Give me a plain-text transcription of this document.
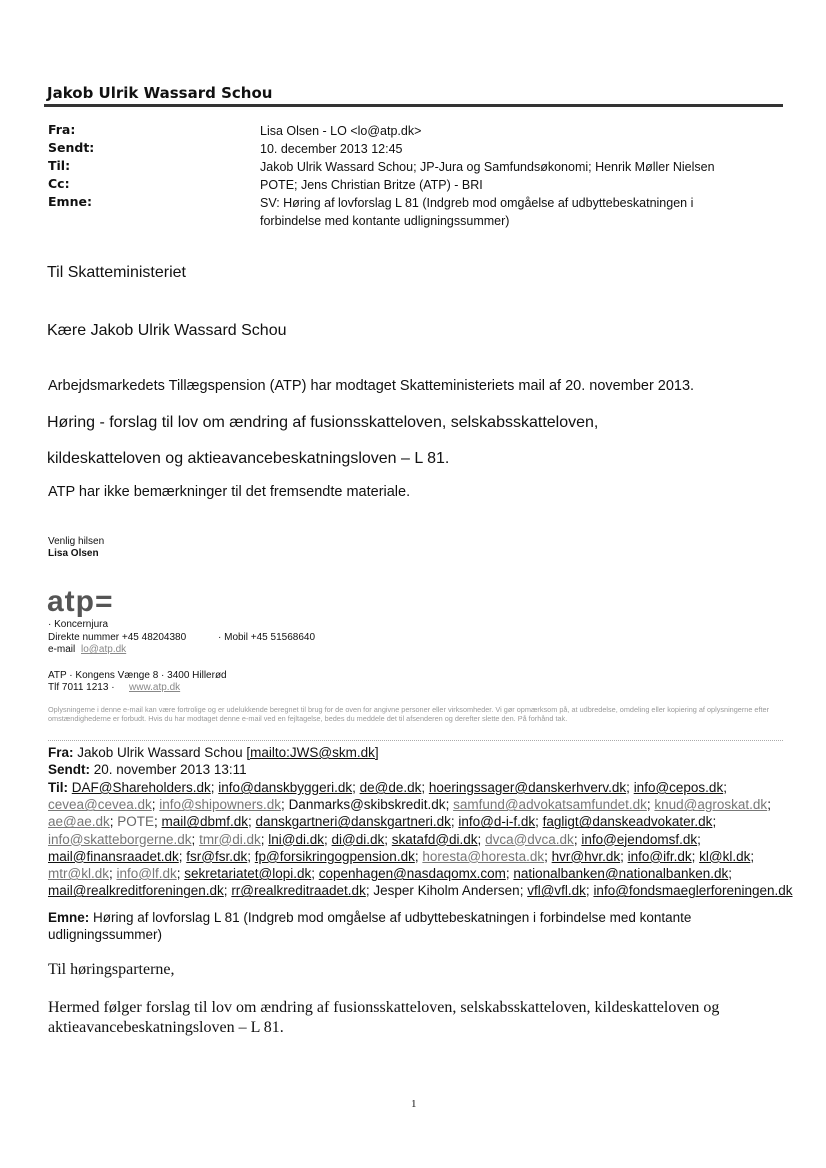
Jakob Ulrik Wassard Schou
Fra:
Sendt:
Til:
Cc:
Emne:
Lisa Olsen - LO <lo@atp.dk>
10. december 2013 12:45
Jakob Ulrik Wassard Schou; JP-Jura og Samfundsøkonomi; Henrik Møller Nielsen
POTE; Jens Christian Britze (ATP) - BRI
SV: Høring af lovforslag L 81 (Indgreb mod omgåelse af udbyttebeskatningen i
forbindelse med kontante udligningssummer)
Til Skatteministeriet
Kære Jakob Ulrik Wassard Schou
Arbejdsmarkedets Tillægspension (ATP) har modtaget Skatteministeriets mail af 20. november 2013.
Høring - forslag til lov om ændring af fusionsskatteloven, selskabsskatteloven,
kildeskatteloven og aktieavancebeskatningsloven – L 81.
ATP har ikke bemærkninger til det fremsendte materiale.
Venlig hilsen
Lisa Olsen
atp=
· Koncernjura
Direkte nummer +45 48204380	· Mobil +45 51568640
e-mail lo@atp.dk
ATP · Kongens Vænge 8 · 3400 Hillerød
Tlf 7011 1213 · www.atp.dk
Oplysningerne i denne e-mail kan være fortrolige og er udelukkende beregnet til brug for de oven for angivne personer eller virksomheder. Vi gør opmærksom på, at udbredelse, omdeling eller kopiering af oplysningerne efter omstændighederne er forbudt. Hvis du har modtaget denne e-mail ved en fejltagelse, bedes du meddele det til afsenderen og derefter slette den. På forhånd tak.
Fra: Jakob Ulrik Wassard Schou [mailto:JWS@skm.dk]
Sendt: 20. november 2013 13:11
Til: DAF@Shareholders.dk; info@danskbyggeri.dk; de@de.dk; hoeringssager@danskerhverv.dk; info@cepos.dk; cevea@cevea.dk; info@shipowners.dk; Danmarks@skibskredit.dk; samfund@advokatsamfundet.dk; knud@agroskat.dk; ae@ae.dk; POTE; mail@dbmf.dk; danskgartneri@danskgartneri.dk; info@d-i-f.dk; fagligt@danskeadvokater.dk; info@skatteborgerne.dk; tmr@di.dk; lni@di.dk; di@di.dk; skatafd@di.dk; dvca@dvca.dk; info@ejendomsf.dk; mail@finansraadet.dk; fsr@fsr.dk; fp@forsikringogpension.dk; horesta@horesta.dk; hvr@hvr.dk; info@ifr.dk; kl@kl.dk; mtr@kl.dk; info@lf.dk; sekretariatet@lopi.dk; copenhagen@nasdaqomx.com; nationalbanken@nationalbanken.dk; mail@realkreditforeningen.dk; rr@realkreditraadet.dk; Jesper Kiholm Andersen; vfl@vfl.dk; info@fondsmaeglerforeningen.dk
Emne: Høring af lovforslag L 81 (Indgreb mod omgåelse af udbyttebeskatningen i forbindelse med kontante
udligningssummer)
Til høringsparterne,
Hermed følger forslag til lov om ændring af fusionsskatteloven, selskabsskatteloven, kildeskatteloven og
aktieavancebeskatningsloven – L 81.
1
